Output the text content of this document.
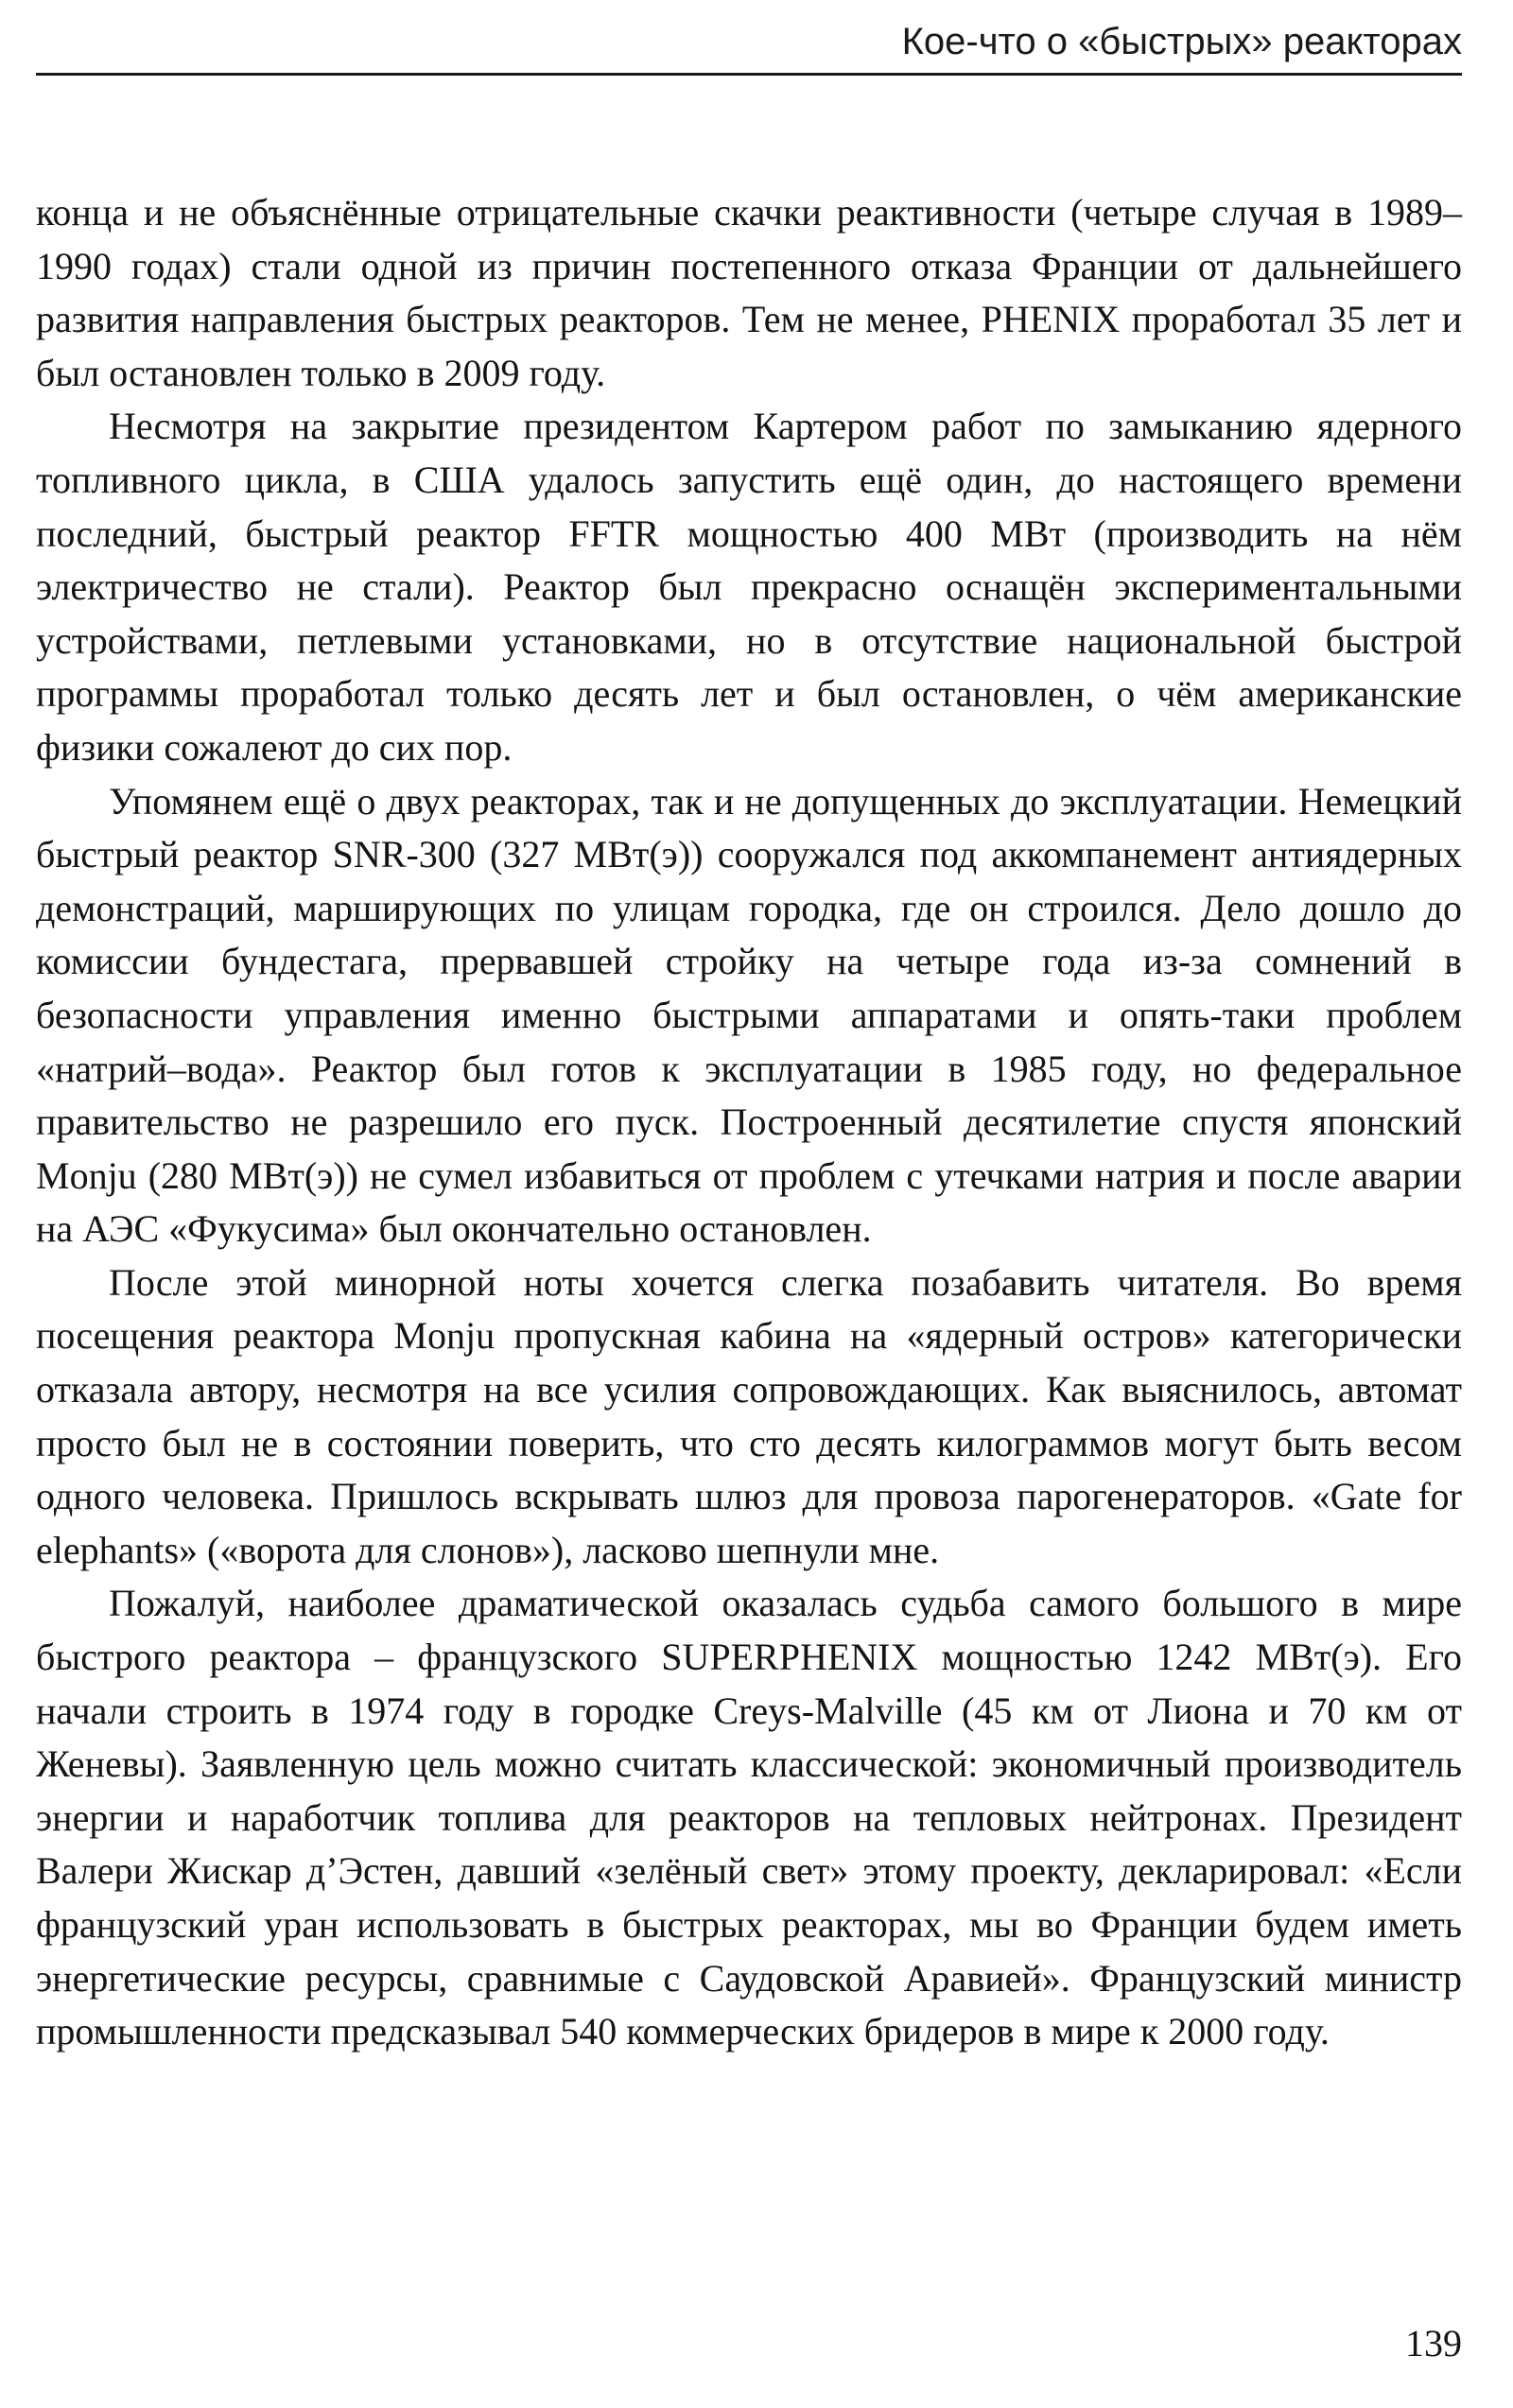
Кое-что о «быстрых» реакторах

конца и не объяснённые отрицательные скачки реактивности (четыре случая в 1989–1990 годах) стали одной из причин постепенного отказа Франции от дальнейшего развития направления быстрых реакторов. Тем не менее, PHENIX проработал 35 лет и был остановлен только в 2009 году.

Несмотря на закрытие президентом Картером работ по замыканию ядерного топливного цикла, в США удалось запустить ещё один, до настоящего времени последний, быстрый реактор FFTR мощностью 400 МВт (производить на нём электричество не стали). Реактор был прекрасно оснащён экспериментальными устройствами, петлевыми установками, но в отсутствие национальной быстрой программы проработал только десять лет и был остановлен, о чём американские физики сожалеют до сих пор.

Упомянем ещё о двух реакторах, так и не допущенных до эксплуатации. Немецкий быстрый реактор SNR-300 (327 МВт(э)) сооружался под аккомпанемент антиядерных демонстраций, марширующих по улицам городка, где он строился. Дело дошло до комиссии бундестага, прервавшей стройку на четыре года из-за сомнений в безопасности управления именно быстрыми аппаратами и опять-таки проблем «натрий–вода». Реактор был готов к эксплуатации в 1985 году, но федеральное правительство не разрешило его пуск. Построенный десятилетие спустя японский Monju (280 МВт(э)) не сумел избавиться от проблем с утечками натрия и после аварии на АЭС «Фукусима» был окончательно остановлен.

После этой минорной ноты хочется слегка позабавить читателя. Во время посещения реактора Monju пропускная кабина на «ядерный остров» категорически отказала автору, несмотря на все усилия сопровождающих. Как выяснилось, автомат просто был не в состоянии поверить, что сто десять килограммов могут быть весом одного человека. Пришлось вскрывать шлюз для провоза парогенераторов. «Gate for elephants» («ворота для слонов»), ласково шепнули мне.

Пожалуй, наиболее драматической оказалась судьба самого большого в мире быстрого реактора – французского SUPERPHENIX мощностью 1242 МВт(э). Его начали строить в 1974 году в городке Creys-Malville (45 км от Лиона и 70 км от Женевы). Заявленную цель можно считать классической: экономичный производитель энергии и наработчик топлива для реакторов на тепловых нейтронах. Президент Валери Жискар д’Эстен, давший «зелёный свет» этому проекту, декларировал: «Если французский уран использовать в быстрых реакторах, мы во Франции будем иметь энергетические ресурсы, сравнимые с Саудовской Аравией». Французский министр промышленности предсказывал 540 коммерческих бридеров в мире к 2000 году.

139
